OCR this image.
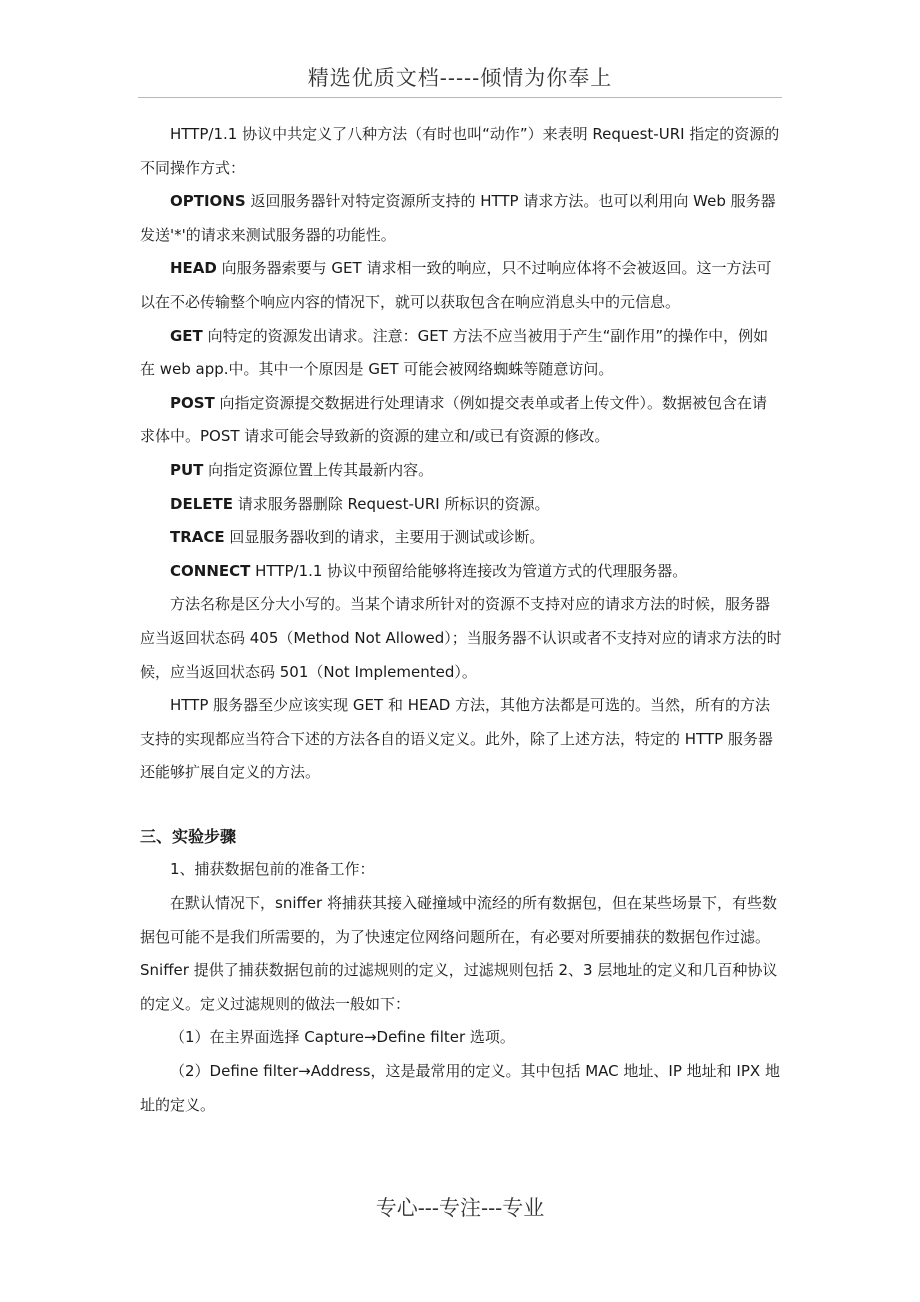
精选优质文档-----倾情为你奉上

HTTP/1.1 协议中共定义了八种方法（有时也叫“动作”）来表明 Request-URI 指定的资源的不同操作方式：

OPTIONS 返回服务器针对特定资源所支持的 HTTP 请求方法。也可以利用向 Web 服务器发送'*'的请求来测试服务器的功能性。

HEAD 向服务器索要与 GET 请求相一致的响应，只不过响应体将不会被返回。这一方法可以在不必传输整个响应内容的情况下，就可以获取包含在响应消息头中的元信息。

GET 向特定的资源发出请求。注意：GET 方法不应当被用于产生“副作用”的操作中，例如在 web app.中。其中一个原因是 GET 可能会被网络蜘蛛等随意访问。

POST 向指定资源提交数据进行处理请求（例如提交表单或者上传文件）。数据被包含在请求体中。POST 请求可能会导致新的资源的建立和/或已有资源的修改。

PUT 向指定资源位置上传其最新内容。

DELETE 请求服务器删除 Request-URI 所标识的资源。

TRACE 回显服务器收到的请求，主要用于测试或诊断。

CONNECT HTTP/1.1 协议中预留给能够将连接改为管道方式的代理服务器。

方法名称是区分大小写的。当某个请求所针对的资源不支持对应的请求方法的时候，服务器应当返回状态码 405（Method Not Allowed）；当服务器不认识或者不支持对应的请求方法的时候，应当返回状态码 501（Not Implemented）。

HTTP 服务器至少应该实现 GET 和 HEAD 方法，其他方法都是可选的。当然，所有的方法支持的实现都应当符合下述的方法各自的语义定义。此外，除了上述方法，特定的 HTTP 服务器还能够扩展自定义的方法。

三、实验步骤

1、捕获数据包前的准备工作：

在默认情况下，sniffer 将捕获其接入碰撞域中流经的所有数据包，但在某些场景下，有些数据包可能不是我们所需要的，为了快速定位网络问题所在，有必要对所要捕获的数据包作过滤。Sniffer 提供了捕获数据包前的过滤规则的定义，过滤规则包括 2、3 层地址的定义和几百种协议的定义。定义过滤规则的做法一般如下：

（1）在主界面选择 Capture→Define filter 选项。

（2）Define filter→Address，这是最常用的定义。其中包括 MAC 地址、IP 地址和 IPX 地址的定义。

专心---专注---专业
